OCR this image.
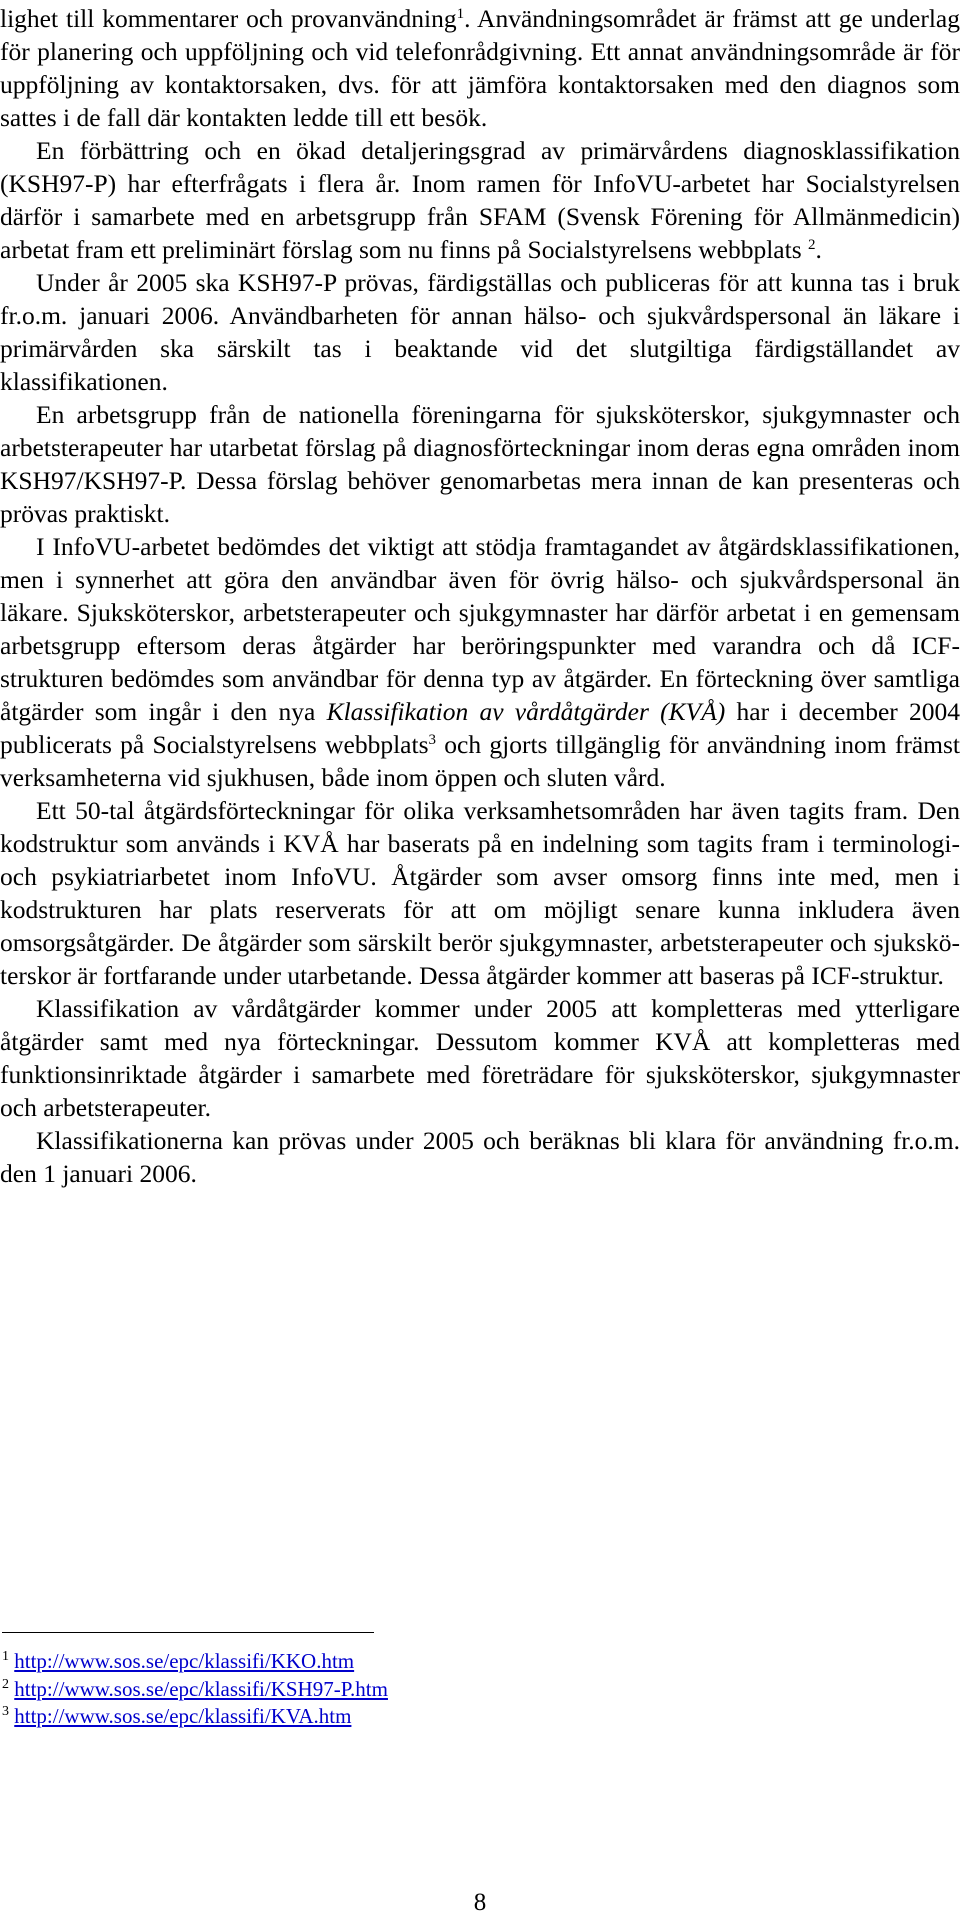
lighet till kommentarer och provanvändning$^1$. Användningsområdet är främst att ge underlag för planering och uppföljning och vid telefonrådgivning. Ett annat användningsområde är för uppföljning av kontaktorsaken, dvs. för att jämföra kontaktorsaken med den diagnos som sattes i de fall där kontakten ledde till ett besök.

En förbättring och en ökad detaljeringsgrad av primärvårdens diagnosklassifikation (KSH97-P) har efterfrågats i flera år. Inom ramen för InfoVU-arbetet har Socialstyrelsen därför i samarbete med en arbetsgrupp från SFAM (Svensk Förening för Allmänmedicin) arbetat fram ett preliminärt förslag som nu finns på Socialstyrelsens webbplats $^2$.

Under år 2005 ska KSH97-P prövas, färdigställas och publiceras för att kunna tas i bruk fr.o.m. januari 2006. Användbarheten för annan hälso- och sjukvårdspersonal än läkare i primärvården ska särskilt tas i beaktande vid det slutgiltiga färdigställandet av klassifikationen.

En arbetsgrupp från de nationella föreningarna för sjuksköterskor, sjukgymnaster och arbetsterapeuter har utarbetat förslag på diagnosförteckningar inom deras egna områden inom KSH97/KSH97-P. Dessa förslag behöver genomarbetas mera innan de kan presenteras och prövas praktiskt.

I InfoVU-arbetet bedömdes det viktigt att stödja framtagandet av åtgärdsklassifikationen, men i synnerhet att göra den användbar även för övrig hälso- och sjukvårdspersonal än läkare. Sjuksköterskor, arbetsterapeuter och sjukgymnaster har därför arbetat i en gemensam arbetsgrupp eftersom deras åtgärder har beröringspunkter med varandra och då ICF-strukturen bedömdes som användbar för denna typ av åtgärder. En förteckning över samtliga åtgärder som ingår i den nya Klassifikation av vårdåtgärder (KVÅ) har i december 2004 publicerats på Socialstyrelsens webbplats$^3$ och gjorts tillgänglig för användning inom främst verksamheterna vid sjukhusen, både inom öppen och sluten vård.

Ett 50-tal åtgärdsförteckningar för olika verksamhetsområden har även tagits fram. Den kodstruktur som används i KVÅ har baserats på en indelning som tagits fram i terminologi- och psykiatriarbetet inom InfoVU. Åtgärder som avser omsorg finns inte med, men i kodstrukturen har plats reserverats för att om möjligt senare kunna inkludera även omsorgsåtgärder. De åtgärder som särskilt berör sjukgymnaster, arbetsterapeuter och sjuksköterskor är fortfarande under utarbetande. Dessa åtgärder kommer att baseras på ICF-struktur.

Klassifikation av vårdåtgärder kommer under 2005 att kompletteras med ytterligare åtgärder samt med nya förteckningar. Dessutom kommer KVÅ att kompletteras med funktionsinriktade åtgärder i samarbete med företrädare för sjuksköterskor, sjukgymnaster och arbetsterapeuter.

Klassifikationerna kan prövas under 2005 och beräknas bli klara för användning fr.o.m. den 1 januari 2006.

$^1$ http://www.sos.se/epc/klassifi/KKO.htm
$^2$ http://www.sos.se/epc/klassifi/KSH97-P.htm
$^3$ http://www.sos.se/epc/klassifi/KVA.htm
8
